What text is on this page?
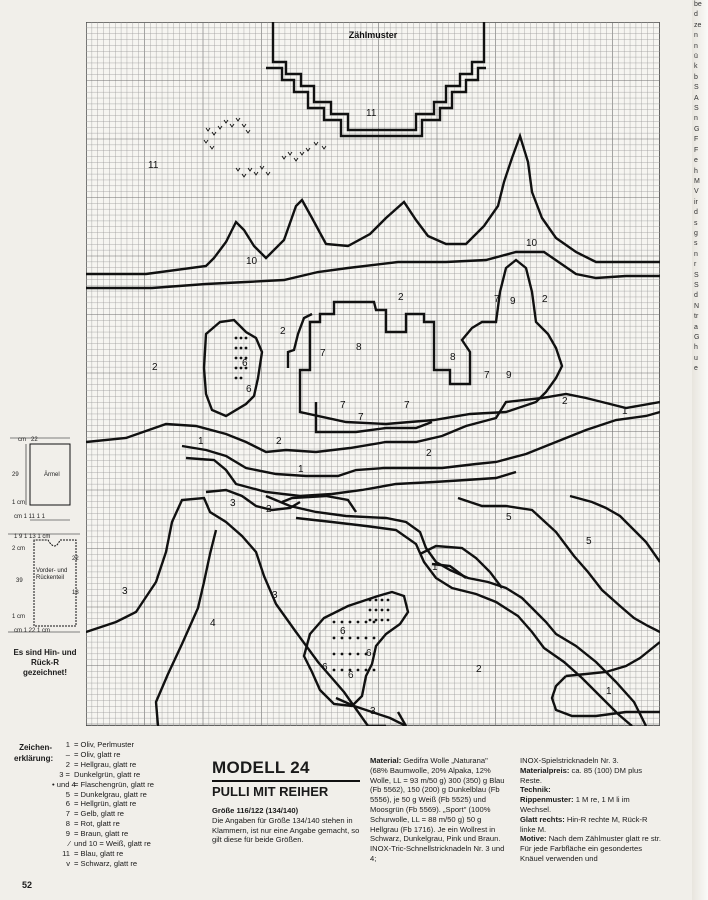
be
d
ze
n
n
ü
k
b
S
A
S
n
G
F
F
e
h
M
V
ir
d
s
g
s
n
r
S
S
d
N
tr
a
G
h
u
e
Zählmuster
11
11
10
10
2
2
2
2
2
2
2
2
2
6
6
8
8
7
7
7
7
7
7 9
9
1
1
1
1
1
3
3	3
4
5
5
6
6
6
6
3
cm 22
29	Ärmel
1 cm
cm 1 11 1 1
1 9 1 13 1 cm
2 cm
22
39
Vorder- und Rückenteil
18
1 cm
cm 1 22 1 cm
Es sind Hin- und Rück-R gezeichnet!
Zeichen-erklärung:
1 = Oliv, Perlmuster
– = Oliv, glatt re
2 = Hellgrau, glatt re
3 = Dunkelgrün, glatt re
• und 4
= Flaschengrün, glatt re
5 = Dunkelgrau, glatt re
6 = Hellgrün, glatt re
7 = Gelb, glatt re
8 = Rot, glatt re
9 = Braun, glatt re
⁄ und 10 = Weiß, glatt re
11 = Blau, glatt re
v = Schwarz, glatt re
MODELL 24
PULLI MIT REIHER
Größe 116/122 (134/140)
Die Angaben für Größe 134/140 stehen in Klammern, ist nur eine Angabe gemacht, so gilt diese für beide Größen.
Material: Gedifra Wolle „Naturana" (68% Baumwolle, 20% Alpaka, 12% Wolle, LL = 93 m/50 g) 300 (350) g Blau (Fb 5562), 150 (200) g Dunkelblau (Fb 5556), je 50 g Weiß (Fb 5525) und Moosgrün (Fb 5569). „Sport" (100% Schurwolle, LL = 88 m/50 g) 50 g Hellgrau (Fb 1716). Je ein Wollrest in Schwarz, Dunkelgrau, Pink und Braun. INOX-Tric-Schnellstricknadeln Nr. 3 und 4;
INOX-Spielstricknadeln Nr. 3.
Materialpreis: ca. 85 (100) DM plus Reste.
Technik:
Rippenmuster: 1 M re, 1 M li im Wechsel.
Glatt rechts: Hin-R rechte M, Rück-R linke M.
Motive: Nach dem Zählmuster glatt re str. Für jede Farbfläche ein gesondertes Knäuel verwenden und
52
